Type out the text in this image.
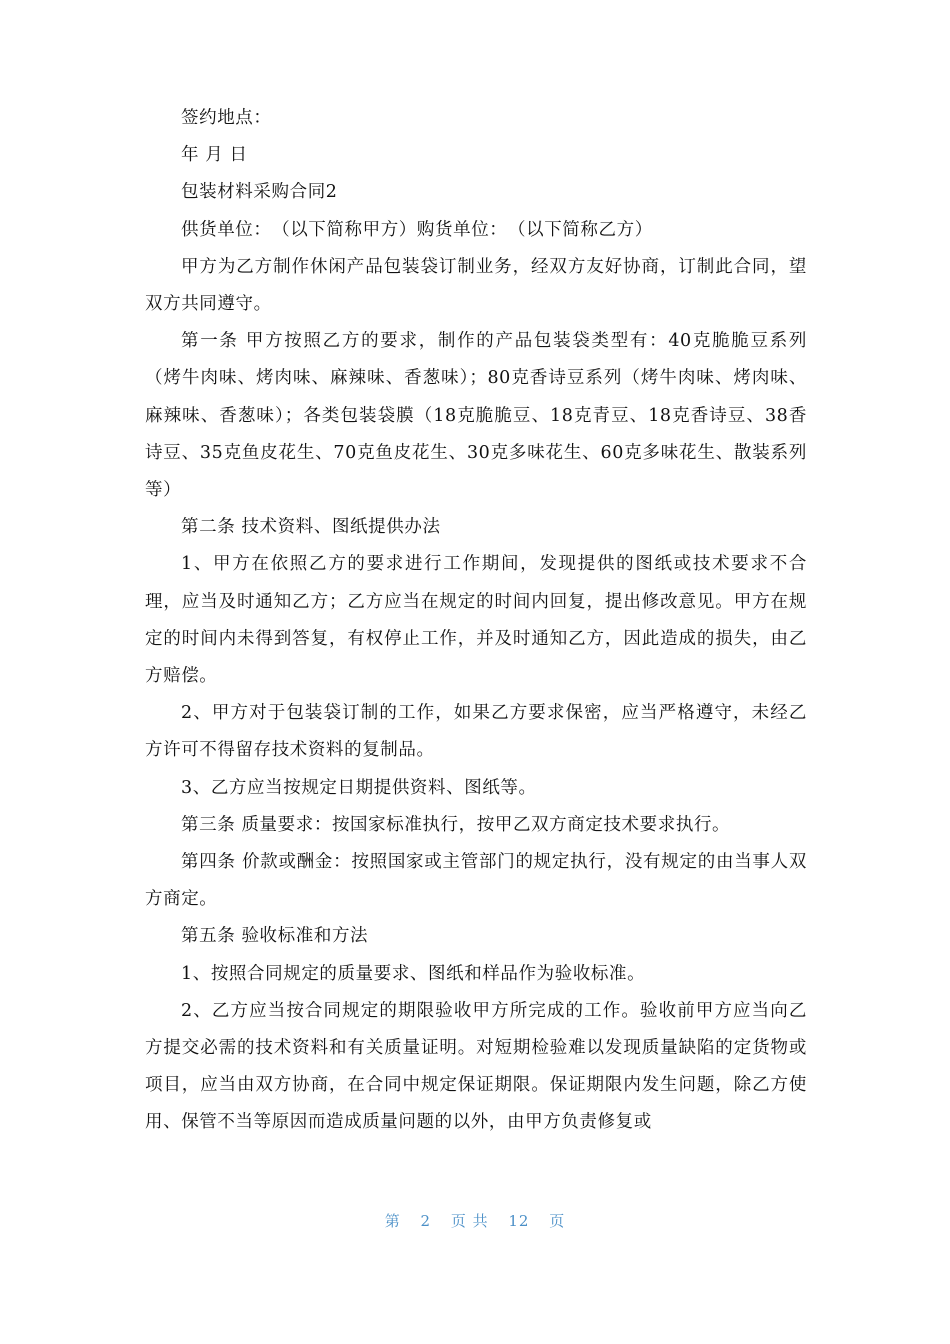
签约地点：

年 月 日

包装材料采购合同2

供货单位：　（以下简称甲方）购货单位：　（以下简称乙方）

甲方为乙方制作休闲产品包装袋订制业务，经双方友好协商，订制此合同，望双方共同遵守。

第一条 甲方按照乙方的要求，制作的产品包装袋类型有：40克脆脆豆系列（烤牛肉味、烤肉味、麻辣味、香葱味）；80克香诗豆系列（烤牛肉味、烤肉味、麻辣味、香葱味）；各类包装袋膜（18克脆脆豆、18克青豆、18克香诗豆、38香诗豆、35克鱼皮花生、70克鱼皮花生、30克多味花生、60克多味花生、散装系列等）

第二条 技术资料、图纸提供办法

1、甲方在依照乙方的要求进行工作期间，发现提供的图纸或技术要求不合理，应当及时通知乙方；乙方应当在规定的时间内回复，提出修改意见。甲方在规定的时间内未得到答复，有权停止工作，并及时通知乙方，因此造成的损失，由乙方赔偿。

2、甲方对于包装袋订制的工作，如果乙方要求保密，应当严格遵守，未经乙方许可不得留存技术资料的复制品。

3、乙方应当按规定日期提供资料、图纸等。

第三条 质量要求：按国家标准执行，按甲乙双方商定技术要求执行。

第四条 价款或酬金：按照国家或主管部门的规定执行，没有规定的由当事人双方商定。

第五条 验收标准和方法

1、按照合同规定的质量要求、图纸和样品作为验收标准。

2、乙方应当按合同规定的期限验收甲方所完成的工作。验收前甲方应当向乙方提交必需的技术资料和有关质量证明。对短期检验难以发现质量缺陷的定货物或项目，应当由双方协商，在合同中规定保证期限。保证期限内发生问题，除乙方使用、保管不当等原因而造成质量问题的以外，由甲方负责修复或

第 2 页 共 12 页
